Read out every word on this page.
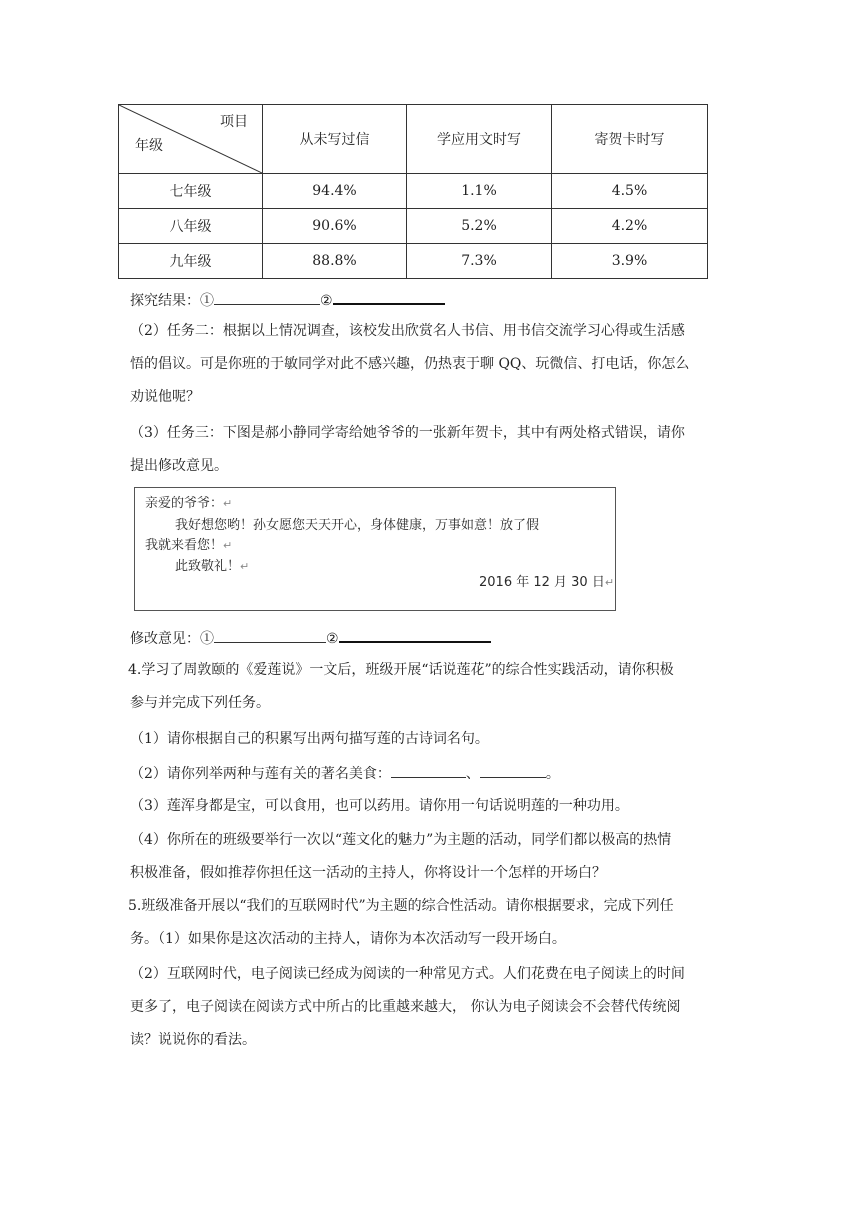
项目
年级	从未写过信	学应用文时写	寄贺卡时写
七年级	94.4%	1.1%	4.5%
八年级	90.6%	5.2%	4.2%
九年级	88.8%	7.3%	3.9%
探究结果：①	②
（2）任务二：根据以上情况调查，该校发出欣赏名人书信、用书信交流学习心得或生活感
悟的倡议。可是你班的于敏同学对此不感兴趣，仍热衷于聊 QQ、玩微信、打电话，你怎么
劝说他呢？
（3）任务三：下图是郝小静同学寄给她爷爷的一张新年贺卡，其中有两处格式错误，请你
提出修改意见。
亲爱的爷爷：↵
我好想您哟！孙女愿您天天开心，身体健康，万事如意！放了假
我就来看您！↵
此致敬礼！↵
2016 年 12 月 30 日↵
修改意见：①	②
4.学习了周敦颐的《爱莲说》一文后，班级开展“话说莲花”的综合性实践活动，请你积极
参与并完成下列任务。
（1）请你根据自己的积累写出两句描写莲的古诗词名句。
（2）请你列举两种与莲有关的著名美食：	、	。
（3）莲浑身都是宝，可以食用，也可以药用。请你用一句话说明莲的一种功用。
（4）你所在的班级要举行一次以“莲文化的魅力”为主题的活动，同学们都以极高的热情
积极准备，假如推荐你担任这一活动的主持人，你将设计一个怎样的开场白？
5.班级准备开展以“我们的互联网时代”为主题的综合性活动。请你根据要求，完成下列任
务。（1）如果你是这次活动的主持人，请你为本次活动写一段开场白。
（2）互联网时代，电子阅读已经成为阅读的一种常见方式。人们花费在电子阅读上的时间
更多了，电子阅读在阅读方式中所占的比重越来越大， 你认为电子阅读会不会替代传统阅
读？说说你的看法。
